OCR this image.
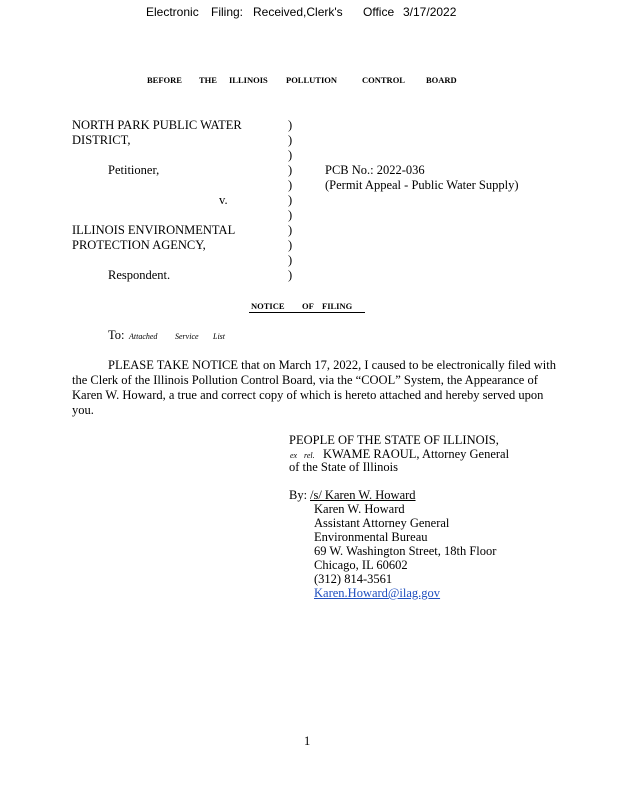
Electronic Filing: Received,Clerk's Office 3/17/2022
BEFORE THE ILLINOIS POLLUTION	CONTROL BOARD
NORTH PARK PUBLIC WATER
DISTRICT,
Petitioner,
v.
ILLINOIS ENVIRONMENTAL
PROTECTION AGENCY,
Respondent.
)
)
)
)
)
)
)
)
)
)
)
PCB No.: 2022-036
(Permit Appeal - Public Water Supply)
NOTICE OF FILING
To: Attached Service List
PLEASE TAKE NOTICE that on March 17, 2022, I caused to be electronically filed with
the Clerk of the Illinois Pollution Control Board, via the “COOL” System, the Appearance of
Karen W. Howard, a true and correct copy of which is hereto attached and hereby served upon
you.
PEOPLE OF THE STATE OF ILLINOIS,
ex rel. KWAME RAOUL, Attorney General
of the State of Illinois
By: /s/ Karen W. Howard
Karen W. Howard
Assistant Attorney General
Environmental Bureau
69 W. Washington Street, 18th Floor
Chicago, IL 60602
(312) 814-3561
Karen.Howard@ilag.gov
1
